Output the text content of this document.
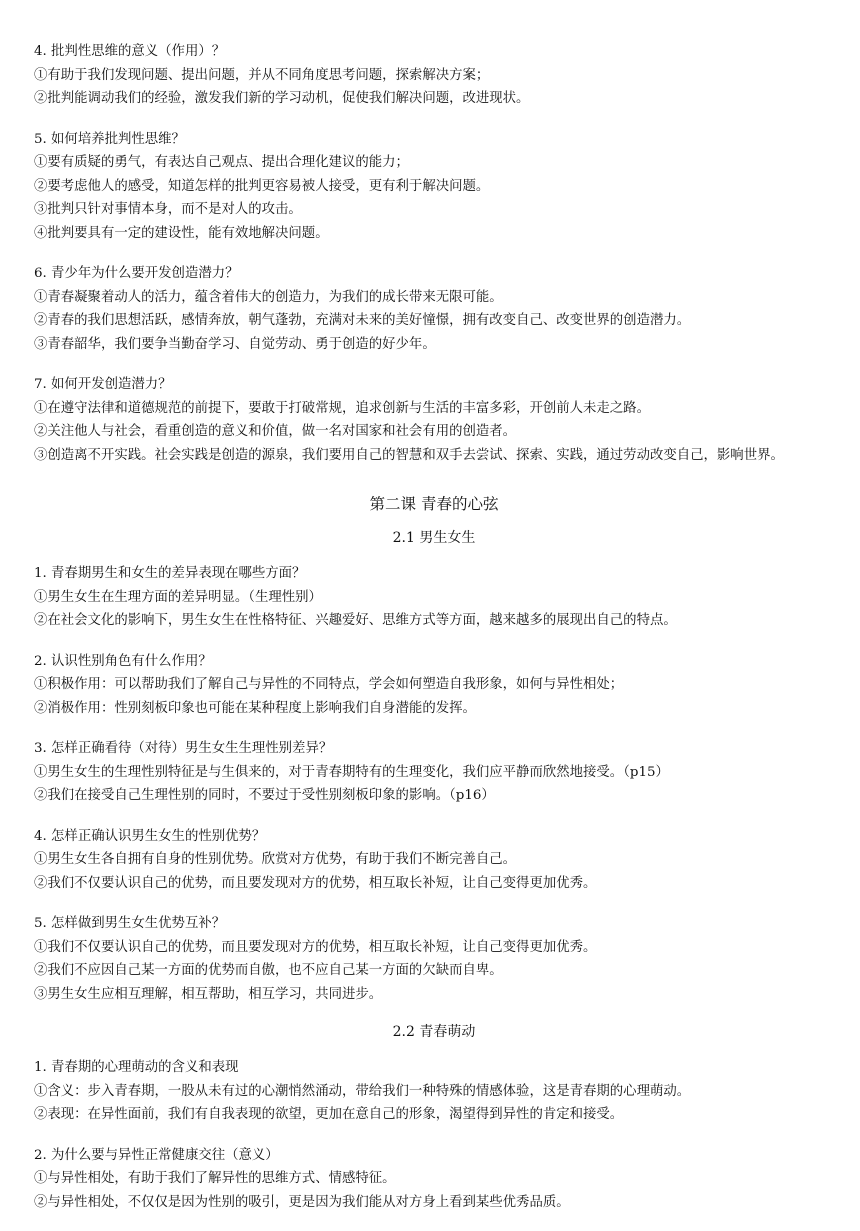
4. 批判性思维的意义（作用）？
①有助于我们发现问题、提出问题，并从不同角度思考问题，探索解决方案；
②批判能调动我们的经验，激发我们新的学习动机，促使我们解决问题，改进现状。
5. 如何培养批判性思维？
①要有质疑的勇气，有表达自己观点、提出合理化建议的能力；
②要考虑他人的感受，知道怎样的批判更容易被人接受，更有利于解决问题。
③批判只针对事情本身，而不是对人的攻击。
④批判要具有一定的建设性，能有效地解决问题。
6. 青少年为什么要开发创造潜力？
①青春凝聚着动人的活力，蕴含着伟大的创造力，为我们的成长带来无限可能。
②青春的我们思想活跃，感情奔放，朝气蓬勃，充满对未来的美好憧憬，拥有改变自己、改变世界的创造潜力。
③青春韶华，我们要争当勤奋学习、自觉劳动、勇于创造的好少年。
7. 如何开发创造潜力？
①在遵守法律和道德规范的前提下，要敢于打破常规，追求创新与生活的丰富多彩，开创前人未走之路。
②关注他人与社会，看重创造的意义和价值，做一名对国家和社会有用的创造者。
③创造离不开实践。社会实践是创造的源泉，我们要用自己的智慧和双手去尝试、探索、实践，通过劳动改变自己，影响世界。
第二课 青春的心弦
2.1 男生女生
1. 青春期男生和女生的差异表现在哪些方面？
①男生女生在生理方面的差异明显。（生理性别）
②在社会文化的影响下，男生女生在性格特征、兴趣爱好、思维方式等方面，越来越多的展现出自己的特点。
2. 认识性别角色有什么作用？
①积极作用：可以帮助我们了解自己与异性的不同特点，学会如何塑造自我形象，如何与异性相处；
②消极作用：性别刻板印象也可能在某种程度上影响我们自身潜能的发挥。
3. 怎样正确看待（对待）男生女生生理性别差异？
①男生女生的生理性别特征是与生俱来的，对于青春期特有的生理变化，我们应平静而欣然地接受。（p15）
②我们在接受自己生理性别的同时，不要过于受性别刻板印象的影响。（p16）
4. 怎样正确认识男生女生的性别优势？
①男生女生各自拥有自身的性别优势。欣赏对方优势，有助于我们不断完善自己。
②我们不仅要认识自己的优势，而且要发现对方的优势，相互取长补短，让自己变得更加优秀。
5. 怎样做到男生女生优势互补？
①我们不仅要认识自己的优势，而且要发现对方的优势，相互取长补短，让自己变得更加优秀。
②我们不应因自己某一方面的优势而自傲，也不应自己某一方面的欠缺而自卑。
③男生女生应相互理解，相互帮助，相互学习，共同进步。
2.2 青春萌动
1. 青春期的心理萌动的含义和表现
①含义：步入青春期，一股从未有过的心潮悄然涌动，带给我们一种特殊的情感体验，这是青春期的心理萌动。
②表现：在异性面前，我们有自我表现的欲望，更加在意自己的形象，渴望得到异性的肯定和接受。
2. 为什么要与异性正常健康交往（意义）
①与异性相处，有助于我们了解异性的思维方式、情感特征。
②与异性相处，不仅仅是因为性别的吸引，更是因为我们能从对方身上看到某些优秀品质。
